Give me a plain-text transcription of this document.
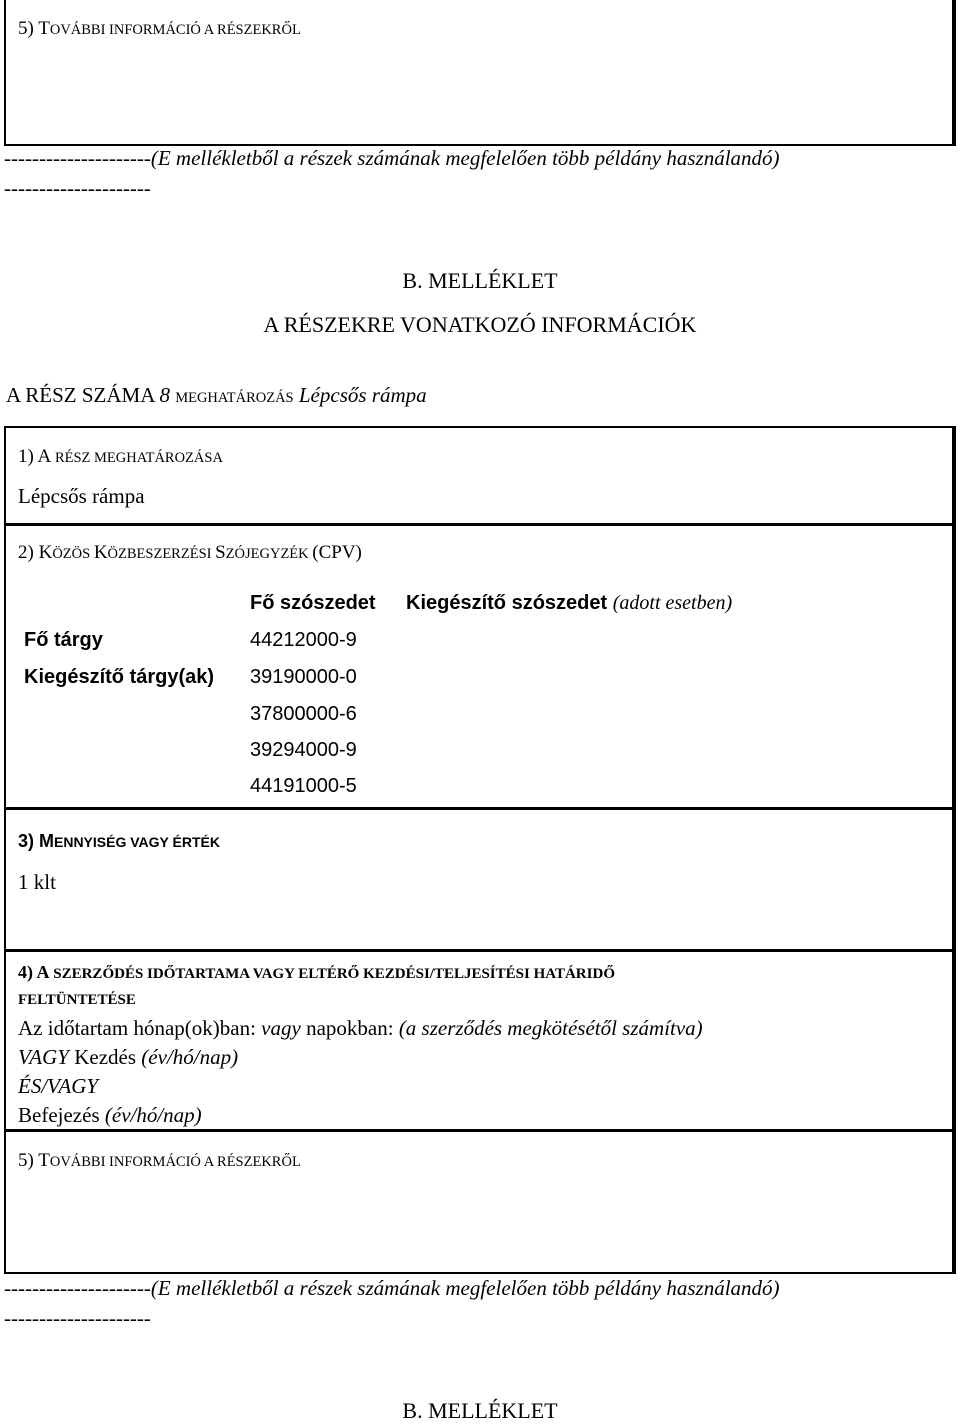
5) TOVÁBBI INFORMÁCIÓ A RÉSZEKRŐL
---------------------(E mellékletből a részek számának megfelelően több példány használandó)
---------------------
B. MELLÉKLET
A RÉSZEKRE VONATKOZÓ INFORMÁCIÓK
A RÉSZ SZÁMA 8 MEGHATÁROZÁS Lépcsős rámpa
1) A RÉSZ MEGHATÁROZÁSA
Lépcsős rámpa
2) KÖZÖS KÖZBESZERZÉSI SZÓJEGYZÉK (CPV)
Fő szószedet Kiegészítő szószedet (adott esetben)
Fő tárgy	44212000-9
Kiegészítő tárgy(ak) 39190000-0
37800000-6
39294000-9
44191000-5
3) MENNYISÉG VAGY ÉRTÉK
1 klt
4) A SZERZŐDÉS IDŐTARTAMA VAGY ELTÉRŐ KEZDÉSI/TELJESÍTÉSI HATÁRIDŐ
FELTÜNTETÉSE
Az időtartam hónap(ok)ban: vagy napokban: (a szerződés megkötésétől számítva)
VAGY Kezdés (év/hó/nap)
ÉS/VAGY
Befejezés (év/hó/nap)
5) TOVÁBBI INFORMÁCIÓ A RÉSZEKRŐL
---------------------(E mellékletből a részek számának megfelelően több példány használandó)
---------------------
B. MELLÉKLET
